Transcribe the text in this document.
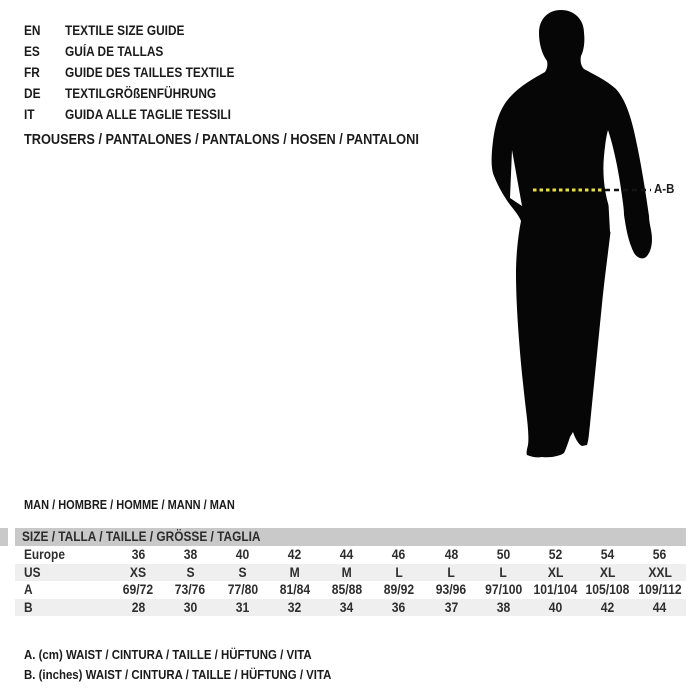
EN TEXTILE SIZE GUIDE
ES GUÍA DE TALLAS
FR GUIDE DES TAILLES TEXTILE
DE TEXTILGRÖßENFÜHRUNG
IT GUIDA ALLE TAGLIE TESSILI
TROUSERS / PANTALONES / PANTALONS / HOSEN / PANTALONI
A-B
MAN / HOMBRE / HOMME / MANN / MAN
SIZE / TALLA / TAILLE / GRÖSSE / TAGLIA
Europe	36	38	40	42	44	46	48	50	52	54	56
US	XS	S	S	M	M	L	L	L	XL	XL	XXL
A	69/72	73/76	77/80	81/84	85/88	89/92	93/96	97/100	101/104	105/108	109/112
B	28	30	31	32	34	36	37	38	40	42	44
A. (cm) WAIST / CINTURA / TAILLE / HÜFTUNG / VITA
B. (inches) WAIST / CINTURA / TAILLE / HÜFTUNG / VITA
